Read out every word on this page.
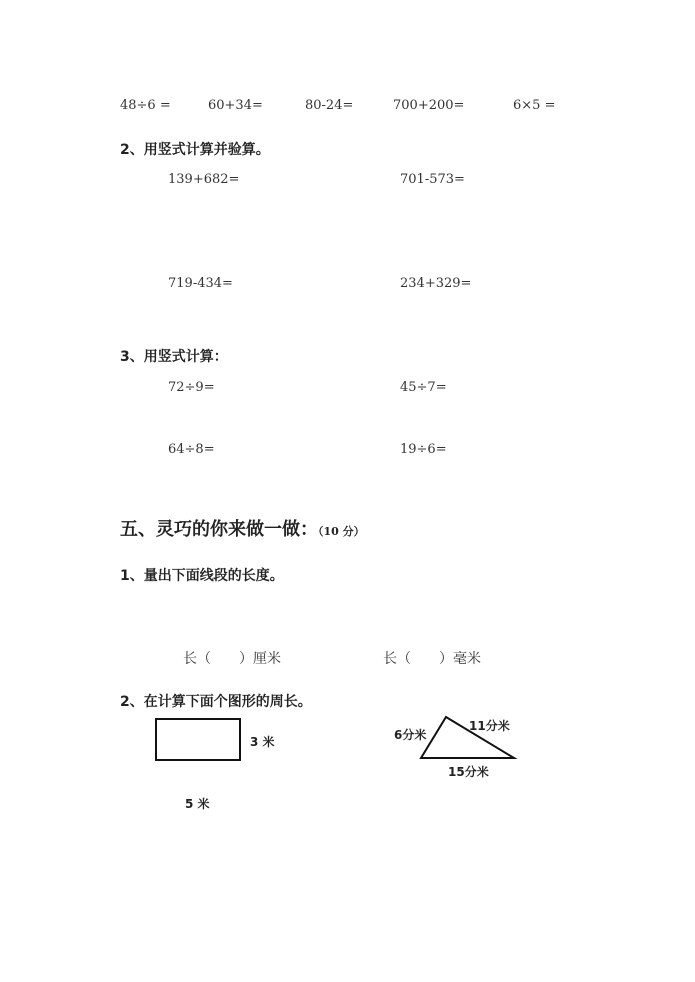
48÷6 =	60+34=	80-24=	700+200=	6×5 =
2、用竖式计算并验算。
139+682=	701-573=
719-434=	234+329=
3、用竖式计算：
72÷9=	45÷7=
64÷8=	19÷6=
五、灵巧的你来做一做：（10 分）
1、量出下面线段的长度。
长（　　）厘米	长（　　）毫米
2、在计算下面个图形的周长。
3 米
5 米
6分米
11分米
15分米
